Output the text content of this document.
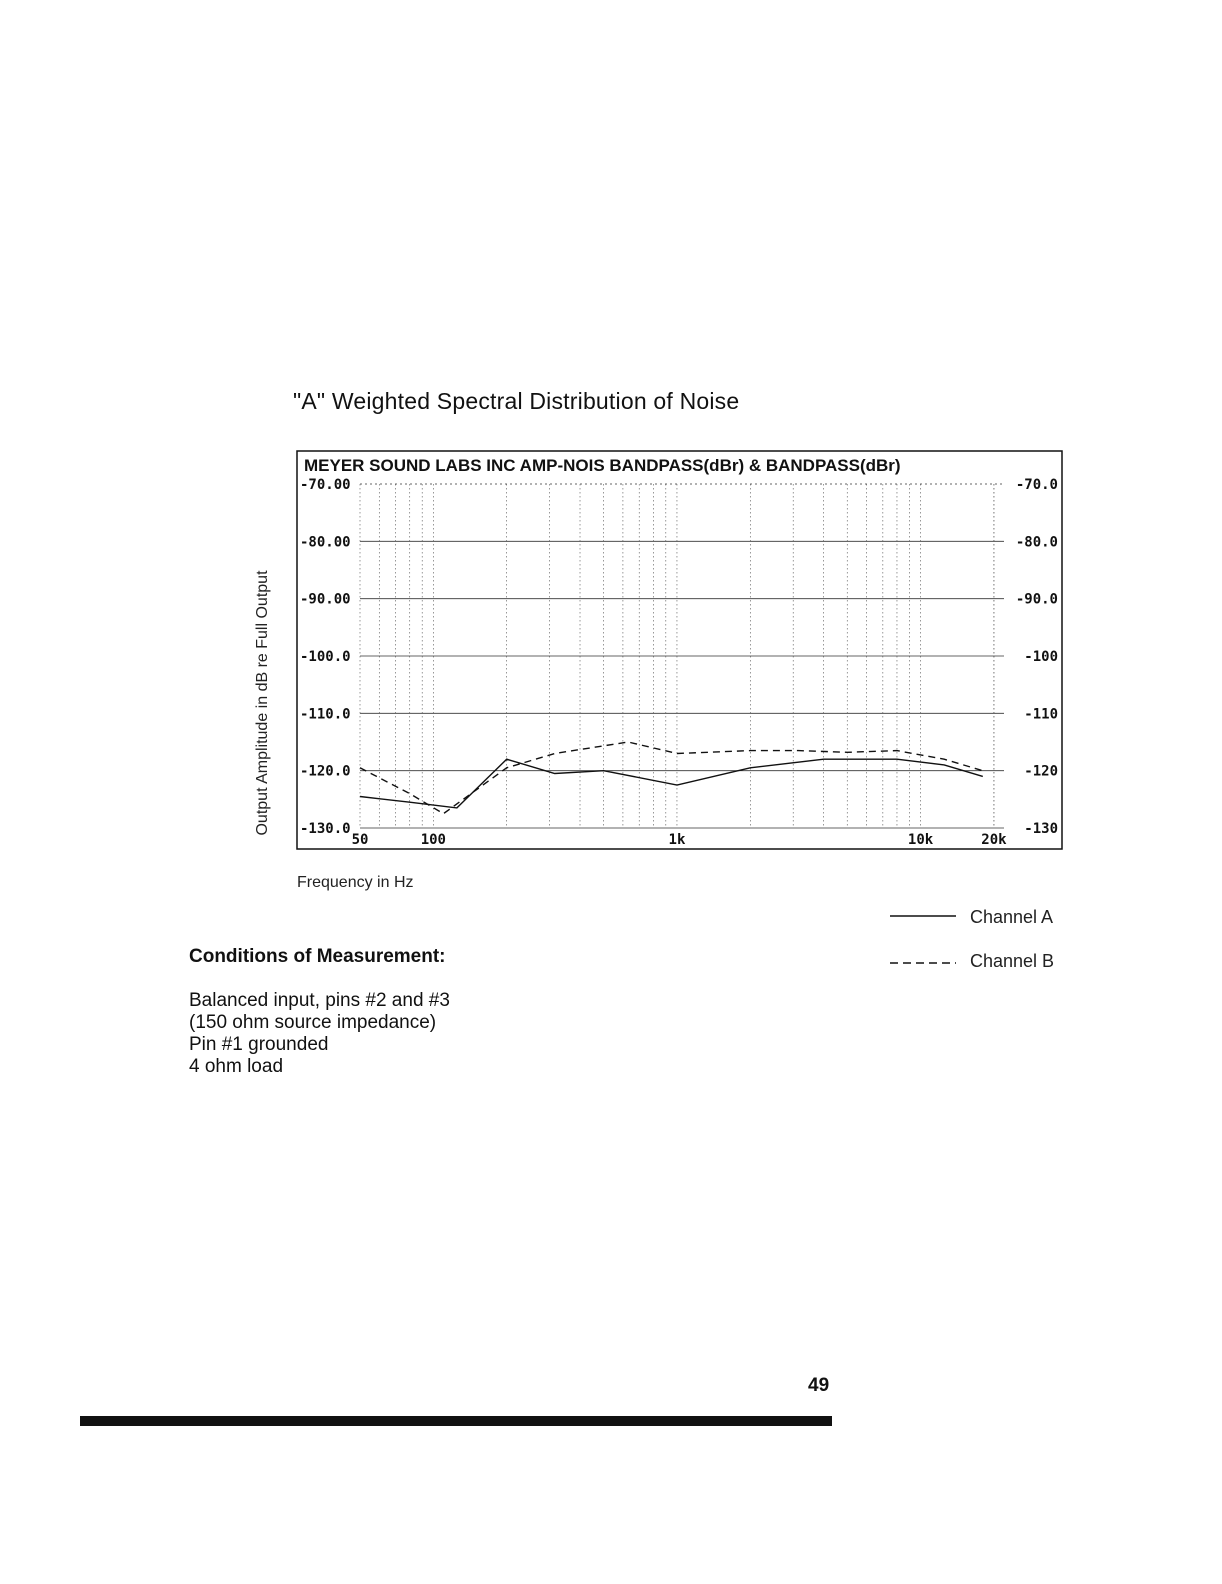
"A" Weighted Spectral Distribution of Noise
Output Amplitude in dB re Full Output
MEYER SOUND LABS INC AMP-NOIS BANDPASS(dBr) & BANDPASS(dBr)
-70.00
-80.00
-90.00
-100.0
-110.0
-120.0
-130.0
-70.0
-80.0
-90.0
-100
-110
-120
-130
50	100	1k	10k	20k
Frequency in Hz
Channel A
Channel B
Conditions of Measurement:
Balanced input, pins #2 and #3
(150 ohm source impedance)
Pin #1 grounded
4 ohm load
49
